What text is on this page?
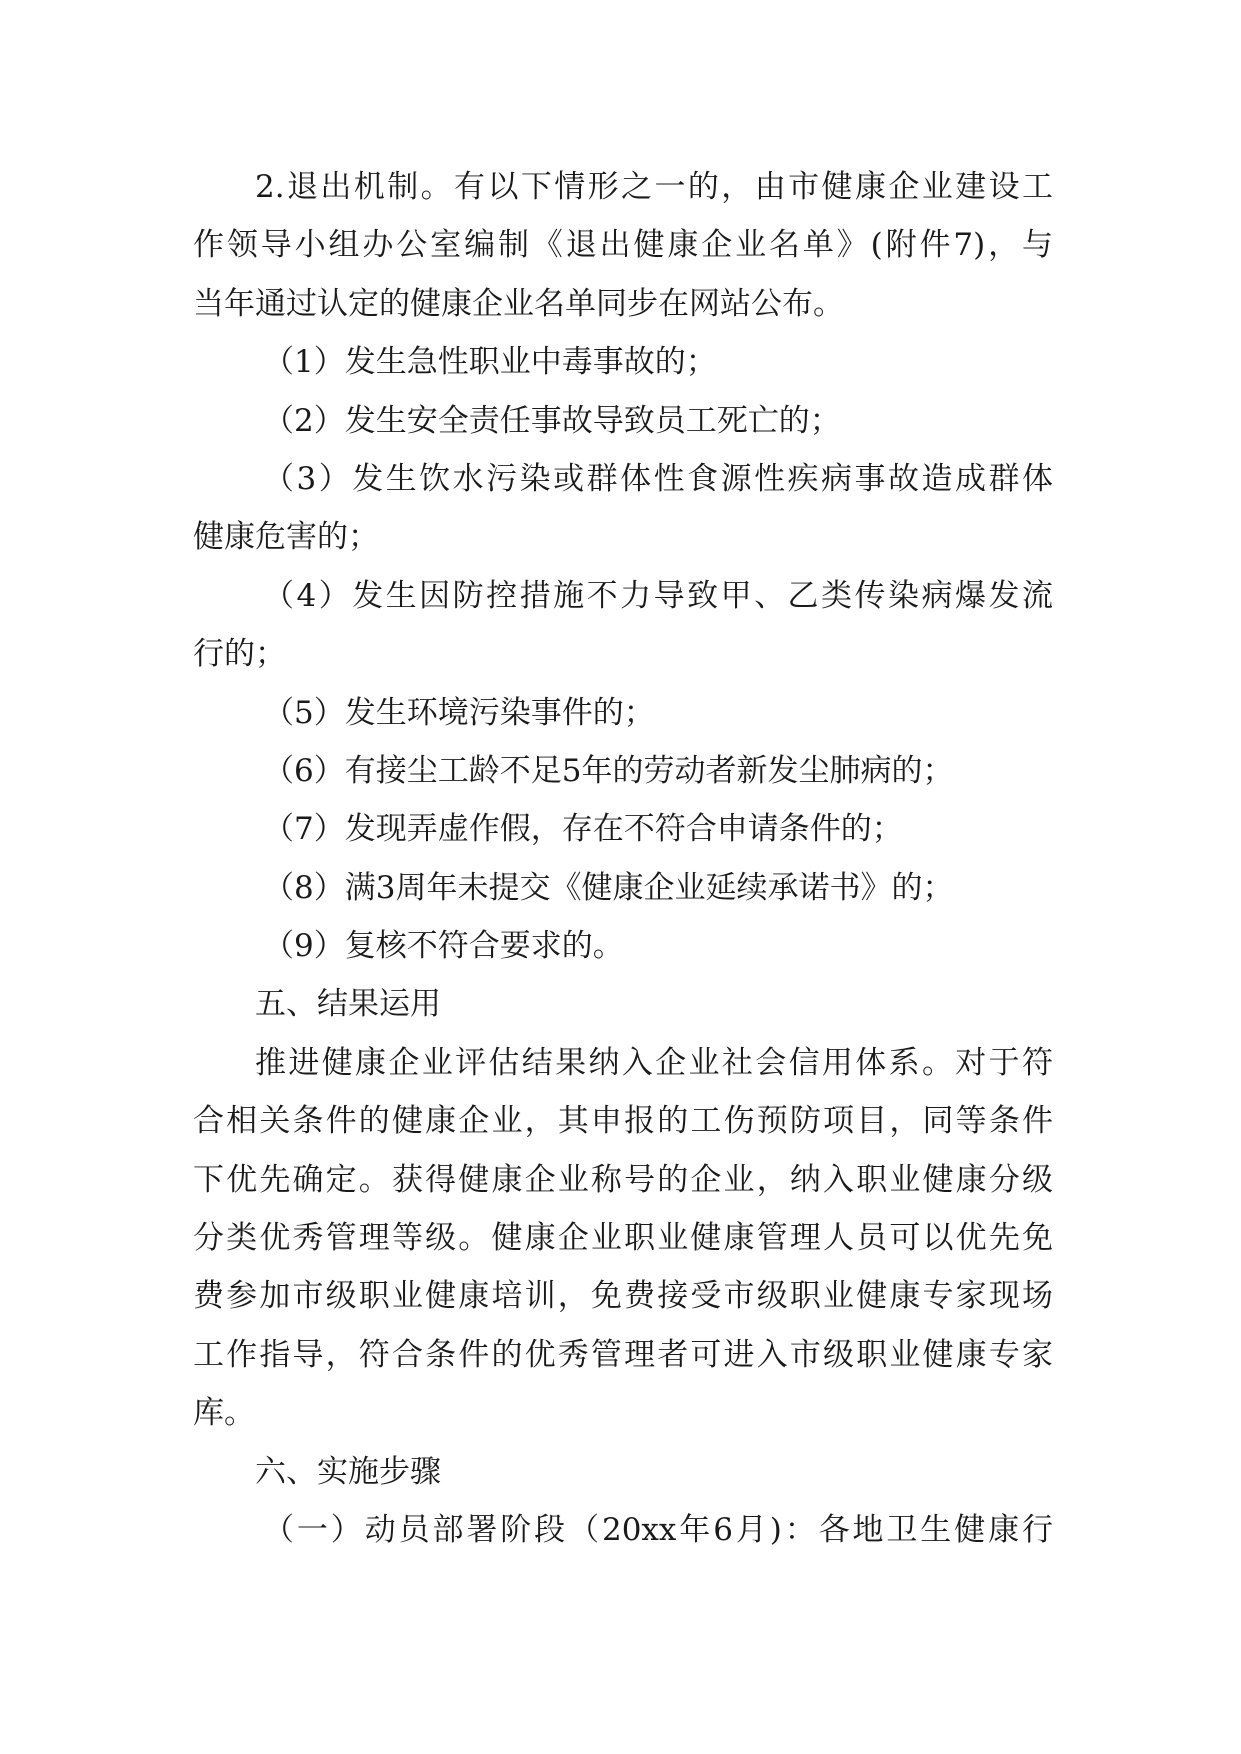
2.退出机制。有以下情形之一的，由市健康企业建设工
作领导小组办公室编制《退出健康企业名单》(附件7)，与
当年通过认定的健康企业名单同步在网站公布。
（1）发生急性职业中毒事故的；
（2）发生安全责任事故导致员工死亡的；
（3）发生饮水污染或群体性食源性疾病事故造成群体
健康危害的；
（4）发生因防控措施不力导致甲、乙类传染病爆发流
行的；
（5）发生环境污染事件的；
（6）有接尘工龄不足5年的劳动者新发尘肺病的；
（7）发现弄虚作假，存在不符合申请条件的；
（8）满3周年未提交《健康企业延续承诺书》的；
（9）复核不符合要求的。
五、结果运用
推进健康企业评估结果纳入企业社会信用体系。对于符
合相关条件的健康企业，其申报的工伤预防项目，同等条件
下优先确定。获得健康企业称号的企业，纳入职业健康分级
分类优秀管理等级。健康企业职业健康管理人员可以优先免
费参加市级职业健康培训，免费接受市级职业健康专家现场
工作指导，符合条件的优秀管理者可进入市级职业健康专家
库。
六、实施步骤
（一）动员部署阶段（20xx年6月)：各地卫生健康行
